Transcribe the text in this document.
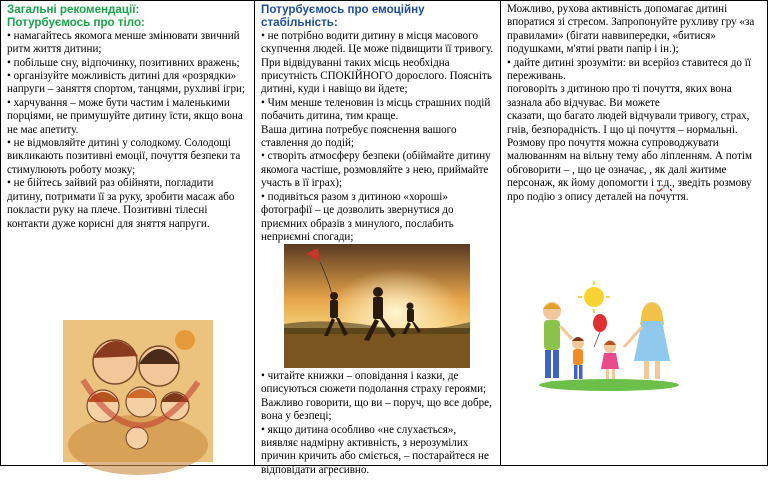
Загальні рекомендації:
Потурбуємось про тіло:
• намагайтесь якомога менше змінювати звичний ритм життя дитини;
• побільше сну, відпочинку, позитивних вражень;
• організуйте можливість дитині для «розрядки» напруги – заняття спортом, танцями, рухливі ігри;
• харчування – може бути частим і маленькими порціями, не примушуйте дитину їсти, якщо вона не має апетиту.
• не відмовляйте дитині у солодкому. Солодощі викликають позитивні емоції, почуття безпеки та стимулюють роботу мозку;
• не бійтесь зайвий раз обійняти, погладити дитину, потримати її за руку, зробити масаж або покласти руку на плече. Позитивні тілесні контакти дуже корисні для зняття напруги.
Потурбуємось про емоційну стабільність:
• не потрібно водити дитину в місця масового скупчення людей. Це може підвищити її тривогу. При відвідуванні таких місць необхідна присутність СПОКІЙНОГО дорослого. Поясніть дитині, куди і навіщо ви йдете;
• Чим менше теленовин із місць страшних подій побачить дитина, тим краще.
Ваша дитина потребує пояснення вашого ставлення до подій;
• створіть атмосферу безпеки (обіймайте дитину якомога частіше, розмовляйте з нею, приймайте участь в її іграх);
• подивіться разом з дитиною «хороші» фотографії – це дозволить звернутися до приємних образів з минулого, послабить неприємні спогади;
• читайте книжки – оповідання і казки, де описуються сюжети подолання страху героями; Важливо говорити, що ви – поруч, що все добре, вона у безпеці;
• якщо дитина особливо «не слухається», виявляє надмірну активність, з неpозумілих причин кричить або сміється, – постарайтеся не відповідати агресивно.
Можливо, рухова активність допомагає дитині впоратися зі стресом. Запропонуйте рухливу гру «за правилами» (бігати наввипередки, «битися» подушками, м'ятиі рвати папір і ін.);
• дайте дитині зpозуміти: ви всерйоз ставитеся до її переживань.
поговоріть з дитиною про ті почуття, яких вона зазнала або відчуває. Ви можете
сказати, що багато людей відчували тривогу, страх, гнів, безпорадність. І що ці почуття – нормальні. Розмову про почуття можна супроводжувати малюванням на вільну тему або ліпленням. А потім обговорити – , що це означає, , як далі житиме персонаж, як йому допомогти і т.д., зведіть розмову про подію з опису деталей на почуття.
